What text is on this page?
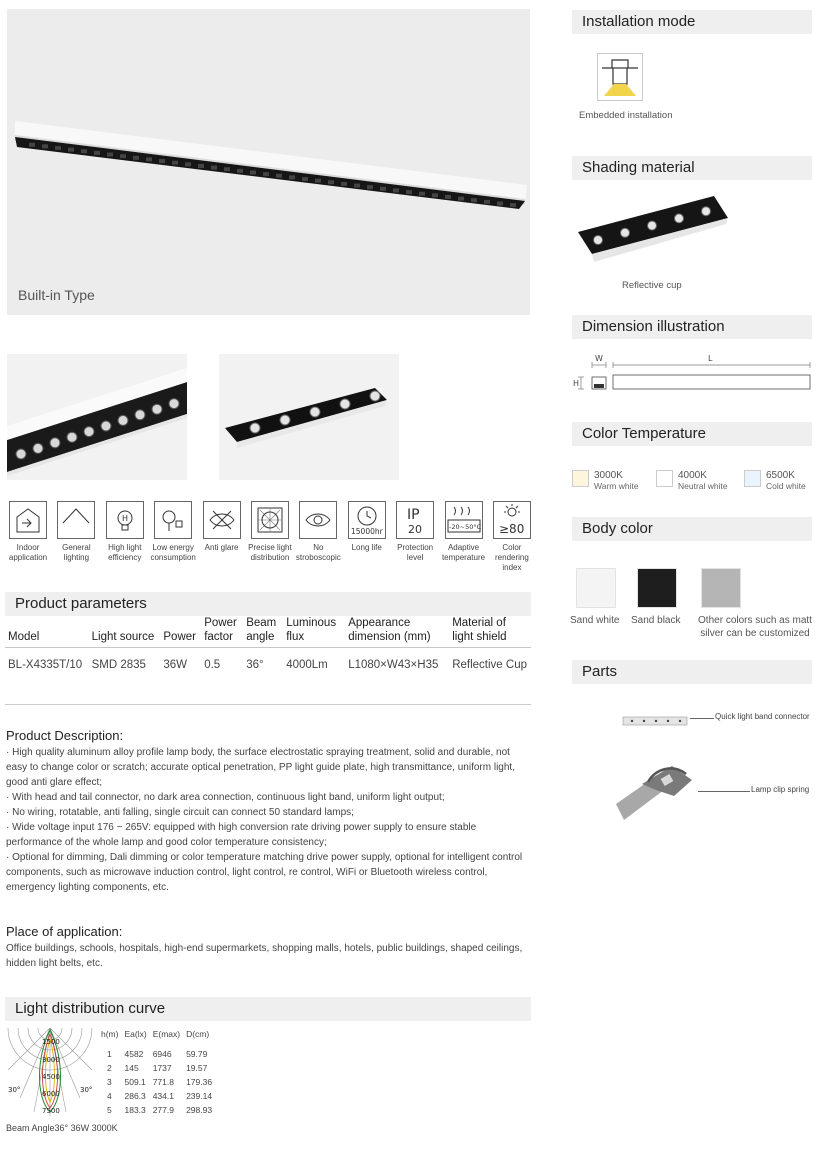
Built-in Type
Indoor application
General lighting
H
High light efficiency
Low energy consumption
Anti glare	Precise light distribution
No stroboscopic
15000hr
Long life
IP
20
Protection level
-20~50°C
Adaptive temperature
≥80
Color rendering index
Product parameters
Model	Light source	Power	Power factor	Beam angle	Luminous flux	Appearance dimension (mm)	Material of light shield
BL-X4335T/10	SMD 2835	36W	0.5	36°	4000Lm	L1080×W43×H35	Reflective Cup
Product Description:
· High quality aluminum alloy profile lamp body, the surface electrostatic spraying treatment, solid and durable, not easy to change color or scratch; accurate optical penetration, PP light guide plate, high transmittance, uniform light, good anti glare effect;
· With head and tail connector, no dark area connection, continuous light band, uniform light output;
· No wiring, rotatable, anti falling, single circuit can connect 50 standard lamps;
· Wide voltage input 176 ~ 265V: equipped with high conversion rate driving power supply to ensure stable performance of the whole lamp and good color temperature consistency;
· Optional for dimming, Dali dimming or color temperature matching drive power supply, optional for intelligent control components, such as microwave induction control, light control, re control, WiFi or Bluetooth wireless control, emergency lighting components, etc.
Place of application:
Office buildings, schools, hospitals, high-end supermarkets, shopping malls, hotels, public buildings, shaped ceilings, hidden light belts, etc.
Light distribution curve
1500
3000
4500
6000
7500
30°	30°
h(m)	Ea(lx)	E(max)	D(cm)

1	4582	6946	59.79
2	145	1737	19.57
3	509.1	771.8	179.36
4	286.3	434.1	239.14
5	183.3	277.9	298.93
Beam Angle36° 36W 3000K
Installation mode
Embedded installation
Shading material
Reflective cup
Dimension illustration
W	L
H
Color Temperature
3000K
Warm white
4000K
Neutral white
6500K
Cold white
Body color
Sand white	Sand black	Other colors such as matt silver can be customized
Parts
Quick light band connector
Lamp clip spring
